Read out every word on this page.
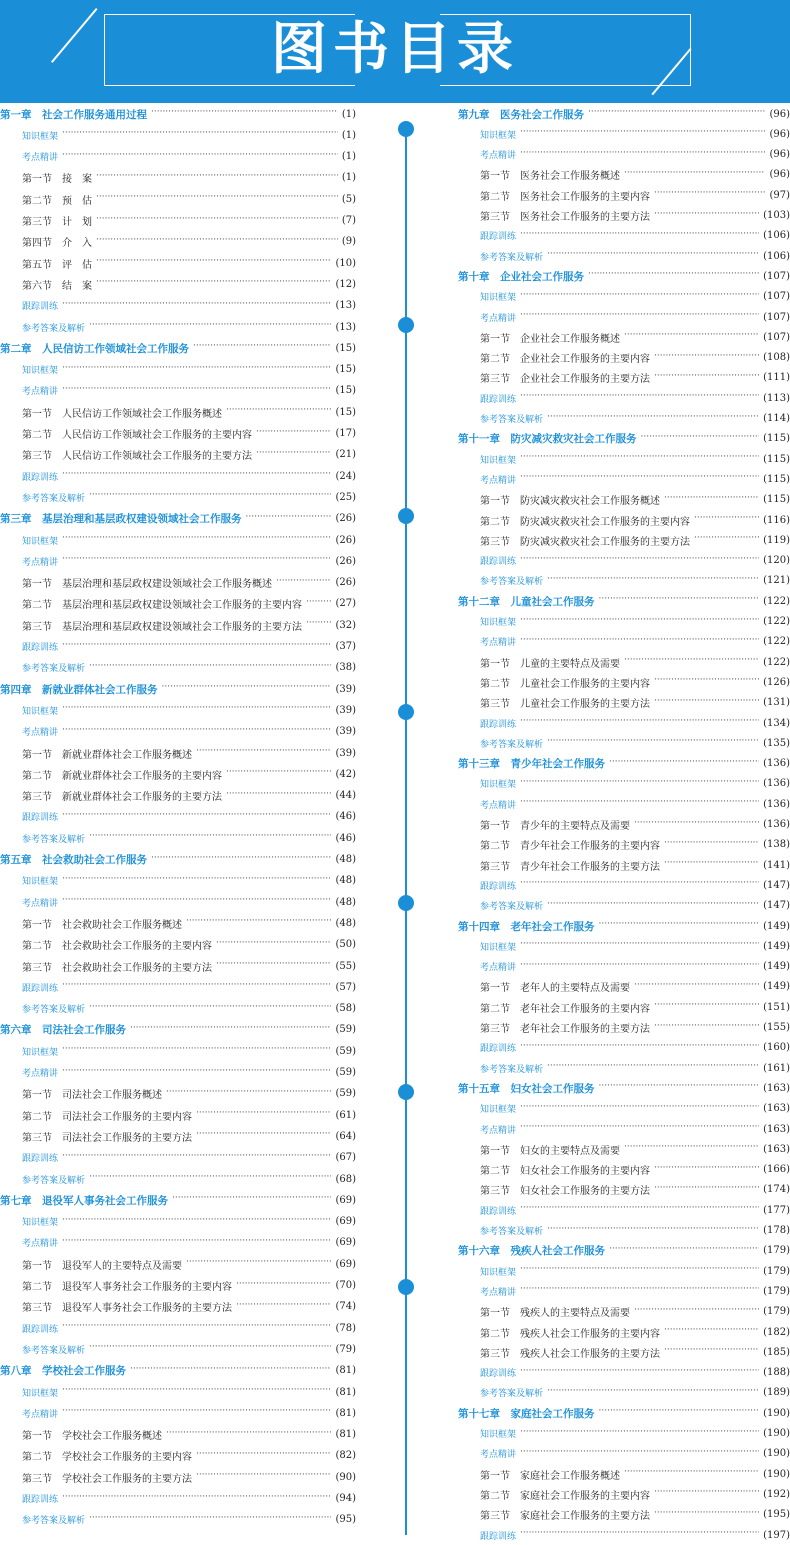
图书目录
第一章　社会工作服务通用过程 ·····	(1)
知识框架 ·····	(1)
考点精讲 ·····	(1)
第一节 接　案 ·····	(1)
第二节 预　估 ·····	(5)
第三节 计　划 ·····	(7)
第四节 介　入 ·····	(9)
第五节 评　估 ·····	(10)
第六节 结　案 ·····	(12)
跟踪训练 ·····	(13)
参考答案及解析 ·····	(13)
第二章　人民信访工作领域社会工作服务 ·····	(15)
知识框架 ·····	(15)
考点精讲 ·····	(15)
第一节 人民信访工作领域社会工作服务概述 ·····	(15)
第二节 人民信访工作领域社会工作服务的主要内容 ·····	(17)
第三节 人民信访工作领域社会工作服务的主要方法 ·····	(21)
跟踪训练 ·····	(24)
参考答案及解析 ·····	(25)
第三章　基层治理和基层政权建设领域社会工作服务 ·····	(26)
知识框架 ·····	(26)
考点精讲 ·····	(26)
第一节 基层治理和基层政权建设领域社会工作服务概述 ·····	(26)
第二节 基层治理和基层政权建设领域社会工作服务的主要内容 ·····	(27)
第三节 基层治理和基层政权建设领域社会工作服务的主要方法 ·····	(32)
跟踪训练 ·····	(37)
参考答案及解析 ·····	(38)
第四章　新就业群体社会工作服务 ·····	(39)
知识框架 ·····	(39)
考点精讲 ·····	(39)
第一节 新就业群体社会工作服务概述 ·····	(39)
第二节 新就业群体社会工作服务的主要内容 ·····	(42)
第三节 新就业群体社会工作服务的主要方法 ·····	(44)
跟踪训练 ·····	(46)
参考答案及解析 ·····	(46)
第五章　社会救助社会工作服务 ·····	(48)
知识框架 ·····	(48)
考点精讲 ·····	(48)
第一节 社会救助社会工作服务概述 ·····	(48)
第二节 社会救助社会工作服务的主要内容 ·····	(50)
第三节 社会救助社会工作服务的主要方法 ·····	(55)
跟踪训练 ·····	(57)
参考答案及解析 ·····	(58)
第六章　司法社会工作服务 ·····	(59)
知识框架 ·····	(59)
考点精讲 ·····	(59)
第一节 司法社会工作服务概述 ·····	(59)
第二节 司法社会工作服务的主要内容 ·····	(61)
第三节 司法社会工作服务的主要方法 ·····	(64)
跟踪训练 ·····	(67)
参考答案及解析 ·····	(68)
第七章　退役军人事务社会工作服务 ·····	(69)
知识框架 ·····	(69)
考点精讲 ·····	(69)
第一节 退役军人的主要特点及需要 ·····	(69)
第二节 退役军人事务社会工作服务的主要内容 ·····	(70)
第三节 退役军人事务社会工作服务的主要方法 ·····	(74)
跟踪训练 ·····	(78)
参考答案及解析 ·····	(79)
第八章　学校社会工作服务 ·····	(81)
知识框架 ·····	(81)
考点精讲 ·····	(81)
第一节 学校社会工作服务概述 ·····	(81)
第二节 学校社会工作服务的主要内容 ·····	(82)
第三节 学校社会工作服务的主要方法 ·····	(90)
跟踪训练 ·····	(94)
参考答案及解析 ·····	(95)
第九章　医务社会工作服务 ·····	(96)
知识框架 ·····	(96)
考点精讲 ·····	(96)
第一节 医务社会工作服务概述 ·····	(96)
第二节 医务社会工作服务的主要内容 ·····	(97)
第三节 医务社会工作服务的主要方法 ·····	(103)
跟踪训练 ·····	(106)
参考答案及解析 ·····	(106)
第十章　企业社会工作服务 ·····	(107)
知识框架 ·····	(107)
考点精讲 ·····	(107)
第一节 企业社会工作服务概述 ·····	(107)
第二节 企业社会工作服务的主要内容 ·····	(108)
第三节 企业社会工作服务的主要方法 ·····	(111)
跟踪训练 ·····	(113)
参考答案及解析 ·····	(114)
第十一章　防灾减灾救灾社会工作服务 ·····	(115)
知识框架 ·····	(115)
考点精讲 ·····	(115)
第一节 防灾减灾救灾社会工作服务概述 ·····	(115)
第二节 防灾减灾救灾社会工作服务的主要内容 ·····	(116)
第三节 防灾减灾救灾社会工作服务的主要方法 ·····	(119)
跟踪训练 ·····	(120)
参考答案及解析 ·····	(121)
第十二章　儿童社会工作服务 ·····	(122)
知识框架 ·····	(122)
考点精讲 ·····	(122)
第一节 儿童的主要特点及需要 ·····	(122)
第二节 儿童社会工作服务的主要内容 ·····	(126)
第三节 儿童社会工作服务的主要方法 ·····	(131)
跟踪训练 ·····	(134)
参考答案及解析 ·····	(135)
第十三章　青少年社会工作服务 ·····	(136)
知识框架 ·····	(136)
考点精讲 ·····	(136)
第一节 青少年的主要特点及需要 ·····	(136)
第二节 青少年社会工作服务的主要内容 ·····	(138)
第三节 青少年社会工作服务的主要方法 ·····	(141)
跟踪训练 ·····	(147)
参考答案及解析 ·····	(147)
第十四章　老年社会工作服务 ·····	(149)
知识框架 ·····	(149)
考点精讲 ·····	(149)
第一节 老年人的主要特点及需要 ·····	(149)
第二节 老年社会工作服务的主要内容 ·····	(151)
第三节 老年社会工作服务的主要方法 ·····	(155)
跟踪训练 ·····	(160)
参考答案及解析 ·····	(161)
第十五章　妇女社会工作服务 ·····	(163)
知识框架 ·····	(163)
考点精讲 ·····	(163)
第一节 妇女的主要特点及需要 ·····	(163)
第二节 妇女社会工作服务的主要内容 ·····	(166)
第三节 妇女社会工作服务的主要方法 ·····	(174)
跟踪训练 ·····	(177)
参考答案及解析 ·····	(178)
第十六章　残疾人社会工作服务 ·····	(179)
知识框架 ·····	(179)
考点精讲 ·····	(179)
第一节 残疾人的主要特点及需要 ·····	(179)
第二节 残疾人社会工作服务的主要内容 ·····	(182)
第三节 残疾人社会工作服务的主要方法 ·····	(185)
跟踪训练 ·····	(188)
参考答案及解析 ·····	(189)
第十七章　家庭社会工作服务 ·····	(190)
知识框架 ·····	(190)
考点精讲 ·····	(190)
第一节 家庭社会工作服务概述 ·····	(190)
第二节 家庭社会工作服务的主要内容 ·····	(192)
第三节 家庭社会工作服务的主要方法 ·····	(195)
跟踪训练 ·····	(197)
